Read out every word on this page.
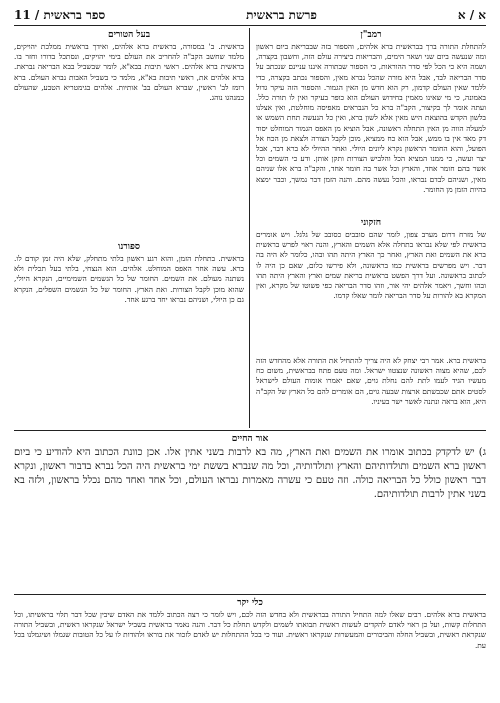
א / א
פרשת בראשית
ספר בראשית / 11
רמב"ן

להתחלת התורה ברך בבראשית ברא אלהים, והספור בזה שבבריאת ביום ראשון ומה שנעשה ביום שני ושאר הימים, והבריאות ביצירה עולם הזה, וחשבון בקצרה, ושמה היא כי הכל לפי סדר ההוראות, כי הספור שבתורה איננו עניינם שנכתב על סדר הבריאה לבד, אבל היא מורה שהכל נברא מאין, והספור נכתב בקצרה, כדי ללמד שאין העולם קדמון, רק הוא חדש מן האין הגמור. והספור הזה עיקר גדול באמונה, כי מי שאינו מאמין בחידוש העולם הוא כופר בעיקר ואין לו תורה כלל. ועתה אומר לך בקיצור, הקב"ה ברא כל הנבראים מאפיסה מוחלטת, ואין אצלנו בלשון הקדש בהוצאת היש מאין אלא לשון ברא, ואין כל הנעשה תחת השמש או למעלה הווה מן האין התחלה ראשונה, אבל הוציא מן האפס הגמור המוחלט יסוד דק מאד אין בו ממש, אבל הוא כח ממציא, מוכן לקבל הצורה ולצאת מן הכח אל הפועל, והוא החומר הראשון נקרא ליונים היולי. ואחר ההיולי לא ברא דבר, אבל יצר ועשה, כי ממנו המציא הכל והלביש הצורות ותקן אותן. ודע כי השמים וכל אשר בהם חומר אחד, והארץ וכל אשר בה חומר אחד, והקב"ה ברא אלו שניהם מאין, ושניהם לבדם נבראו, והכל נעשה מהם. והנה הזמן דבר נמשך, וכבר ימצא בהיות הזמן מן החומר.

חזקוני

של מזרח דרום מערב צפון, לומר שהם סובבים כסובב של גלגל. ויש אומרים בראשית לפי שלא נבראו בתחלה אלא השמים והארץ, והנה ראוי לפרש בראשית ברא את השמים ואת הארץ, ואחר כך הארץ היתה תהו ובהו, כלומר לא היה בה דבר. ויש מפרשים בראשית כמו בראשונה, ולא פירשו כלום, שאם כן היה לו לכתוב בראשונה. ועל דרך הפשט בראשית בריאת שמים וארץ והארץ היתה תהו ובהו וחשך, ויאמר אלהים יהי אור, וזהו סדר הבריאה כפי פשוטו של מקרא, ואין המקרא בא להורות על סדר הבריאה לומר שאלו קדמו.

בראשית ברא. אמר רבי יצחק לא היה צריך להתחיל את התורה אלא מהחדש הזה לכם, שהיא מצוה ראשונה שנצטוו ישראל. ומה טעם פתח בבראשית, משום כח מעשיו הגיד לעמו לתת להם נחלת גוים, שאם יאמרו אומות העולם לישראל לסטים אתם שכבשתם ארצות שבעה גוים, הם אומרים להם כל הארץ של הקב"ה היא, הוא בראה ונתנה לאשר ישר בעיניו.

בעל הטורים

בראשית. ב' במסורה, בראשית ברא אלהים, ואידך בראשית ממלכת יהויקים, מלמד שחשב הקב"ה להחריב את העולם בימי יהויקים, ונסתכל בדורו וחזר בו. בראשית ברא אלהים. ראשי תיבות בבא"א, לומר שבשביל בבא הבריאה נבראת. ברא אלהים את, ראשי תיבות בא"א, מלמד כי בשביל האבות נברא העולם. ברא רומז לב' ראשין, שברא העולם בב' אותיות. אלהים בגימטריא הטבע, שהעולם כמנהגו נוהג.

ספורנו

בראשית. בתחלת הזמן, והוא רגע ראשון בלתי מתחלק, שלא היה זמן קודם לו. ברא. עשה אחר האפס המוחלט. אלהים. הוא הנצחי, בלתי בעל תכלית ולא נשתנה מעולם. את השמים. החומר של כל הגשמים השמימיים, הנקרא היולי, שהוא מוכן לקבל הצורות. ואת הארץ. החומר של כל הגשמים השפלים, הנקרא גם כן היולי, ושניהם נבראו יחד ברגע אחד.

אור החיים

ג) יש לדקדק בכתוב אומרו את השמים ואת הארץ, מה בא לרבות בשני אתין אלו. אכן כוונת הכתוב היא להודיע כי ביום ראשון ברא השמים ותולדותיהם והארץ ותולדותיה, וכל מה שנברא בששת ימי בראשית היה הכל נברא בדבור ראשון, ונקרא דבר ראשון כולל כל הבריאה כולה. וזה טעם כי עשרה מאמרות נבראו העולם, וכל אחד ואחד מהם נכלל בראשון, ולזה בא בשני אתין לרבות תולדותיהם.

כלי יקר

בראשית ברא אלהים. רבים שאלו למה התחיל התורה בבראשית ולא בחדש הזה לכם, ויש לומר כי רצה הכתוב ללמד את האדם שיבין שכל דבר תלוי בראשיתו, וכל התחלות קשות, ועל כן ראוי לאדם להקדים לעשות ראשית תבואתו לשמים ולקדש תחלת כל דבר. והנה נאמר בראשית בשביל ישראל שנקראו ראשית, ובשביל התורה שנקראת ראשית, ובשביל החלה והביכורים והמעשרות שנקראו ראשית. ועוד כי בכל ההתחלות יש לאדם לזכור את בוראו ולהודות לו על כל הטובות שגמלו ושיגמלנו בכל עת.
